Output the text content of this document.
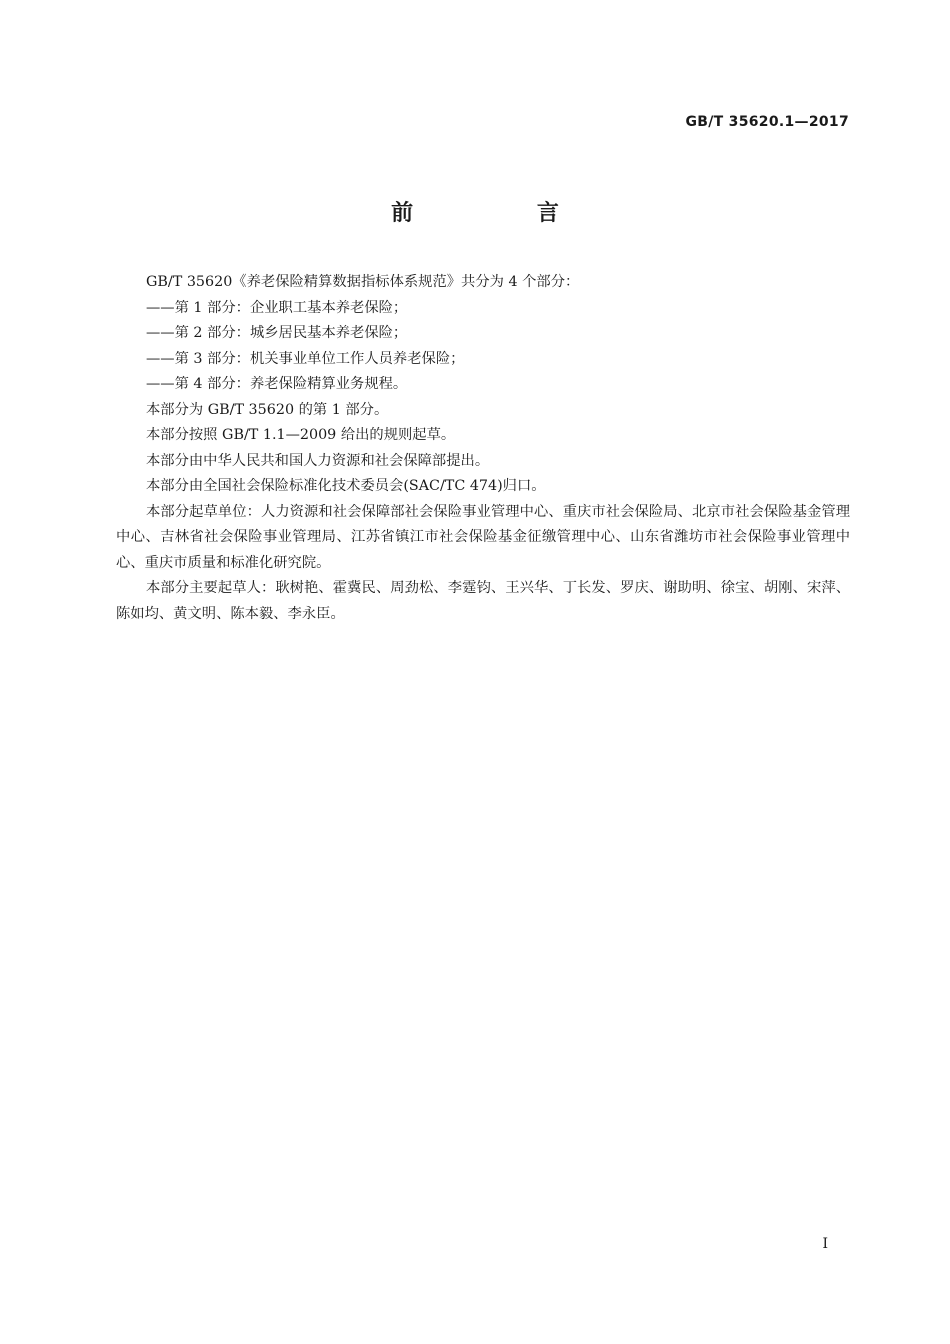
GB/T 35620.1—2017
前 言

GB/T 35620《养老保险精算数据指标体系规范》共分为 4 个部分：

——第 1 部分：企业职工基本养老保险；

——第 2 部分：城乡居民基本养老保险；

——第 3 部分：机关事业单位工作人员养老保险；

——第 4 部分：养老保险精算业务规程。

本部分为 GB/T 35620 的第 1 部分。

本部分按照 GB/T 1.1—2009 给出的规则起草。

本部分由中华人民共和国人力资源和社会保障部提出。

本部分由全国社会保险标准化技术委员会(SAC/TC 474)归口。

本部分起草单位：人力资源和社会保障部社会保险事业管理中心、重庆市社会保险局、北京市社会保险基金管理中心、吉林省社会保险事业管理局、江苏省镇江市社会保险基金征缴管理中心、山东省潍坊市社会保险事业管理中心、重庆市质量和标准化研究院。

本部分主要起草人：耿树艳、霍冀民、周劲松、李霆钧、王兴华、丁长发、罗庆、谢助明、徐宝、胡刚、宋萍、陈如均、黄文明、陈本毅、李永臣。

I
